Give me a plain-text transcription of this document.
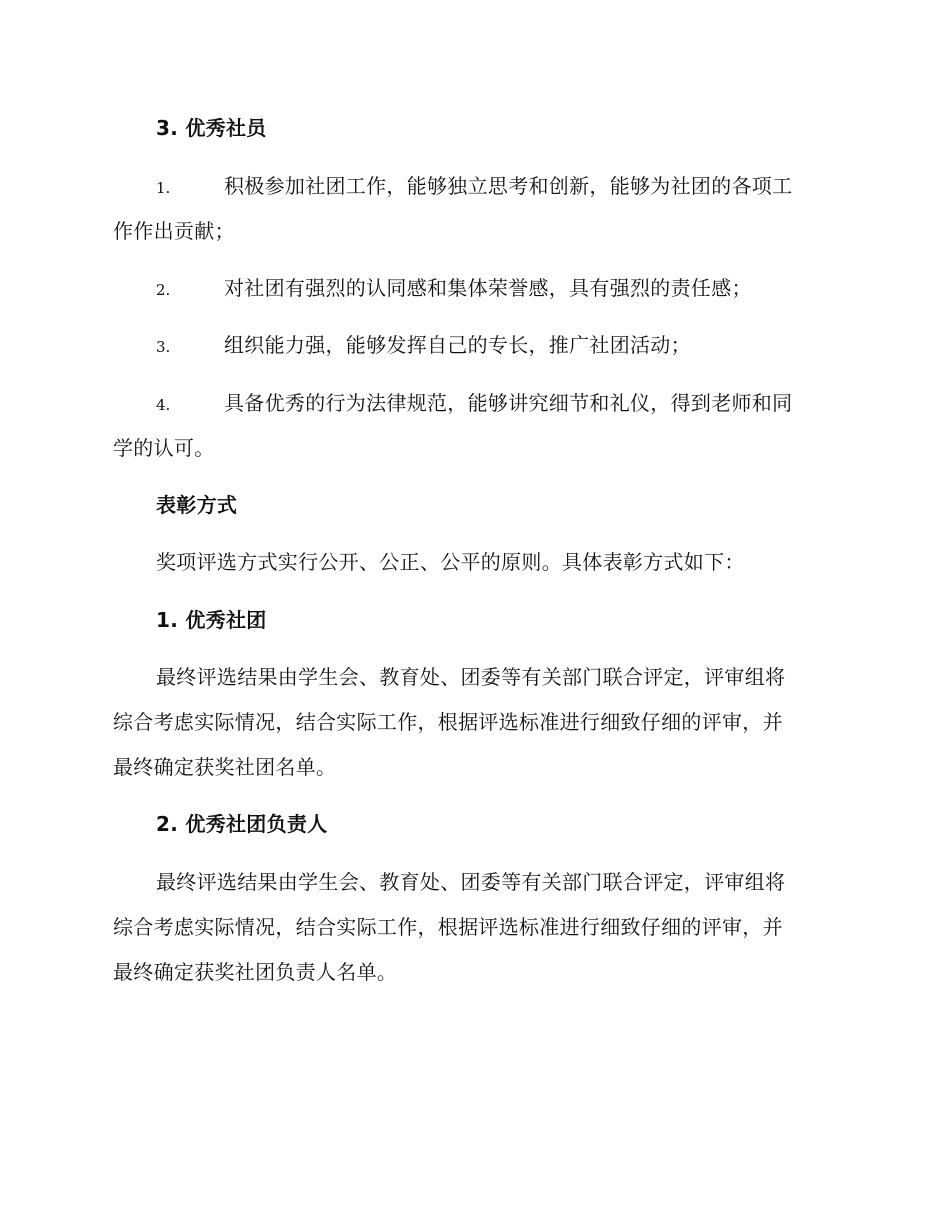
3. 优秀社员
1.	积极参加社团工作，能够独立思考和创新，能够为社团的各项工
作作出贡献；
2.	对社团有强烈的认同感和集体荣誉感，具有强烈的责任感；
3.	组织能力强，能够发挥自己的专长，推广社团活动；
4.	具备优秀的行为法律规范，能够讲究细节和礼仪，得到老师和同
学的认可。
表彰方式
奖项评选方式实行公开、公正、公平的原则。具体表彰方式如下：
1. 优秀社团
最终评选结果由学生会、教育处、团委等有关部门联合评定，评审组将
综合考虑实际情况，结合实际工作，根据评选标准进行细致仔细的评审，并
最终确定获奖社团名单。
2. 优秀社团负责人
最终评选结果由学生会、教育处、团委等有关部门联合评定，评审组将
综合考虑实际情况，结合实际工作，根据评选标准进行细致仔细的评审，并
最终确定获奖社团负责人名单。
